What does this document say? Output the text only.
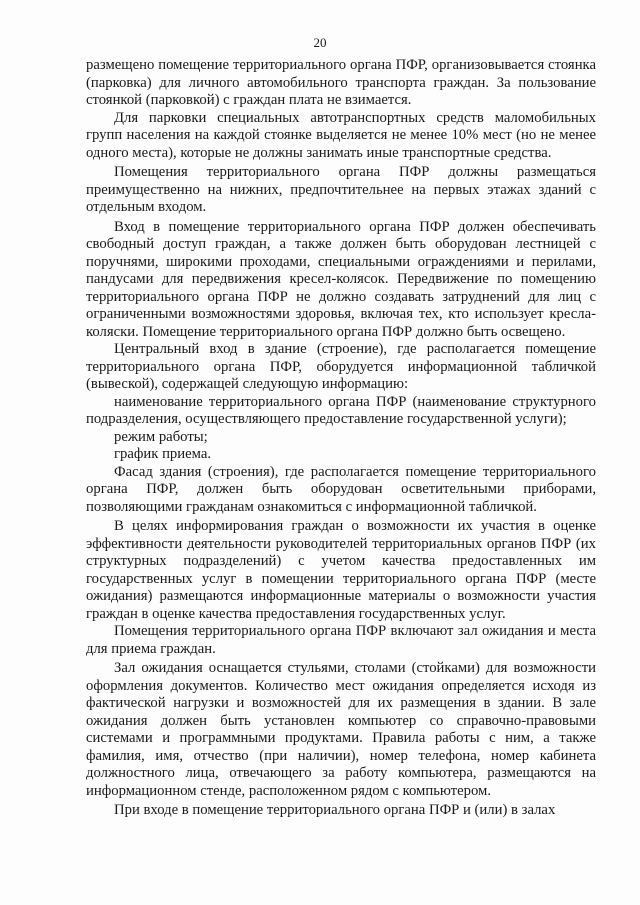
20

размещено помещение территориального органа ПФР, организовывается стоянка (парковка) для личного автомобильного транспорта граждан. За пользование стоянкой (парковкой) с граждан плата не взимается.

Для парковки специальных автотранспортных средств маломобильных групп населения на каждой стоянке выделяется не менее 10% мест (но не менее одного места), которые не должны занимать иные транспортные средства.

Помещения территориального органа ПФР должны размещаться преимущественно на нижних, предпочтительнее на первых этажах зданий с отдельным входом.

Вход в помещение территориального органа ПФР должен обеспечивать свободный доступ граждан, а также должен быть оборудован лестницей с поручнями, широкими проходами, специальными ограждениями и перилами, пандусами для передвижения кресел-колясок. Передвижение по помещению территориального органа ПФР не должно создавать затруднений для лиц с ограниченными возможностями здоровья, включая тех, кто использует кресла-коляски. Помещение территориального органа ПФР должно быть освещено.

Центральный вход в здание (строение), где располагается помещение территориального органа ПФР, оборудуется информационной табличкой (вывеской), содержащей следующую информацию:

наименование территориального органа ПФР (наименование структурного подразделения, осуществляющего предоставление государственной услуги);

режим работы;

график приема.

Фасад здания (строения), где располагается помещение территориального органа ПФР, должен быть оборудован осветительными приборами, позволяющими гражданам ознакомиться с информационной табличкой.

В целях информирования граждан о возможности их участия в оценке эффективности деятельности руководителей территориальных органов ПФР (их структурных подразделений) с учетом качества предоставленных им государственных услуг в помещении территориального органа ПФР (месте ожидания) размещаются информационные материалы о возможности участия граждан в оценке качества предоставления государственных услуг.

Помещения территориального органа ПФР включают зал ожидания и места для приема граждан.

Зал ожидания оснащается стульями, столами (стойками) для возможности оформления документов. Количество мест ожидания определяется исходя из фактической нагрузки и возможностей для их размещения в здании. В зале ожидания должен быть установлен компьютер со справочно-правовыми системами и программными продуктами. Правила работы с ним, а также фамилия, имя, отчество (при наличии), номер телефона, номер кабинета должностного лица, отвечающего за работу компьютера, размещаются на информационном стенде, расположенном рядом с компьютером.

При входе в помещение территориального органа ПФР и (или) в залах
